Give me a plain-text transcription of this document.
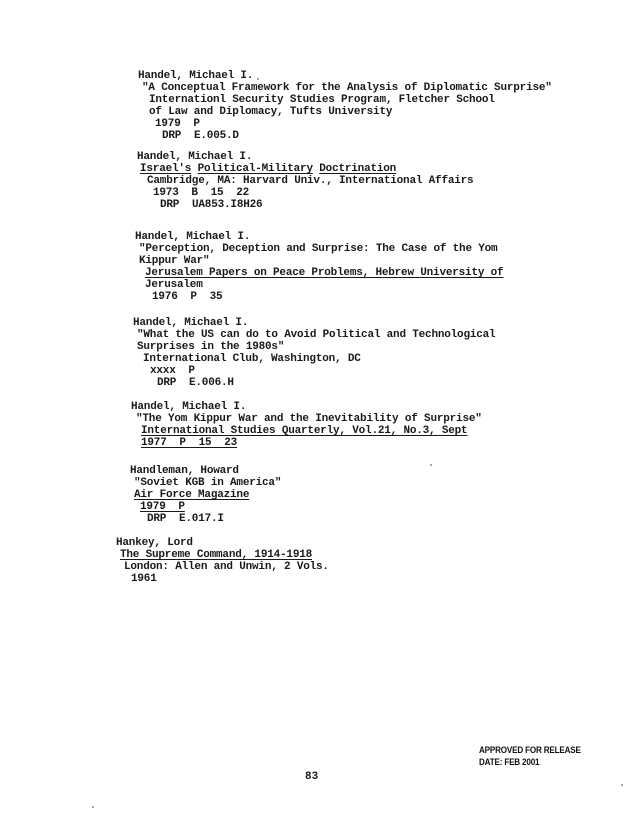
Handel, Michael I.
"A Conceptual Framework for the Analysis of Diplomatic Surprise"
Internationl Security Studies Program, Fletcher School
of Law and Diplomacy, Tufts University
1979  P
DRP  E.005.D
Handel, Michael I.
Israel's Political-Military Doctrination
Cambridge, MA: Harvard Univ., International Affairs
1973  B  15  22
DRP  UA853.I8H26
Handel, Michael I.
"Perception, Deception and Surprise: The Case of the Yom
Kippur War"
Jerusalem Papers on Peace Problems, Hebrew University of
Jerusalem
1976  P  35
Handel, Michael I.
"What the US can do to Avoid Political and Technological
Surprises in the 1980s"
International Club, Washington, DC
xxxx  P
DRP  E.006.H
Handel, Michael I.
"The Yom Kippur War and the Inevitability of Surprise"
International Studies Quarterly, Vol.21, No.3, Sept
1977  P  15  23
Handleman, Howard
"Soviet KGB in America"
Air Force Magazine
1979  P
DRP  E.017.I
Hankey, Lord
The Supreme Command, 1914-1918
London: Allen and Unwin, 2 Vols.
1961
APPROVED FOR RELEASE
DATE: FEB 2001
83
